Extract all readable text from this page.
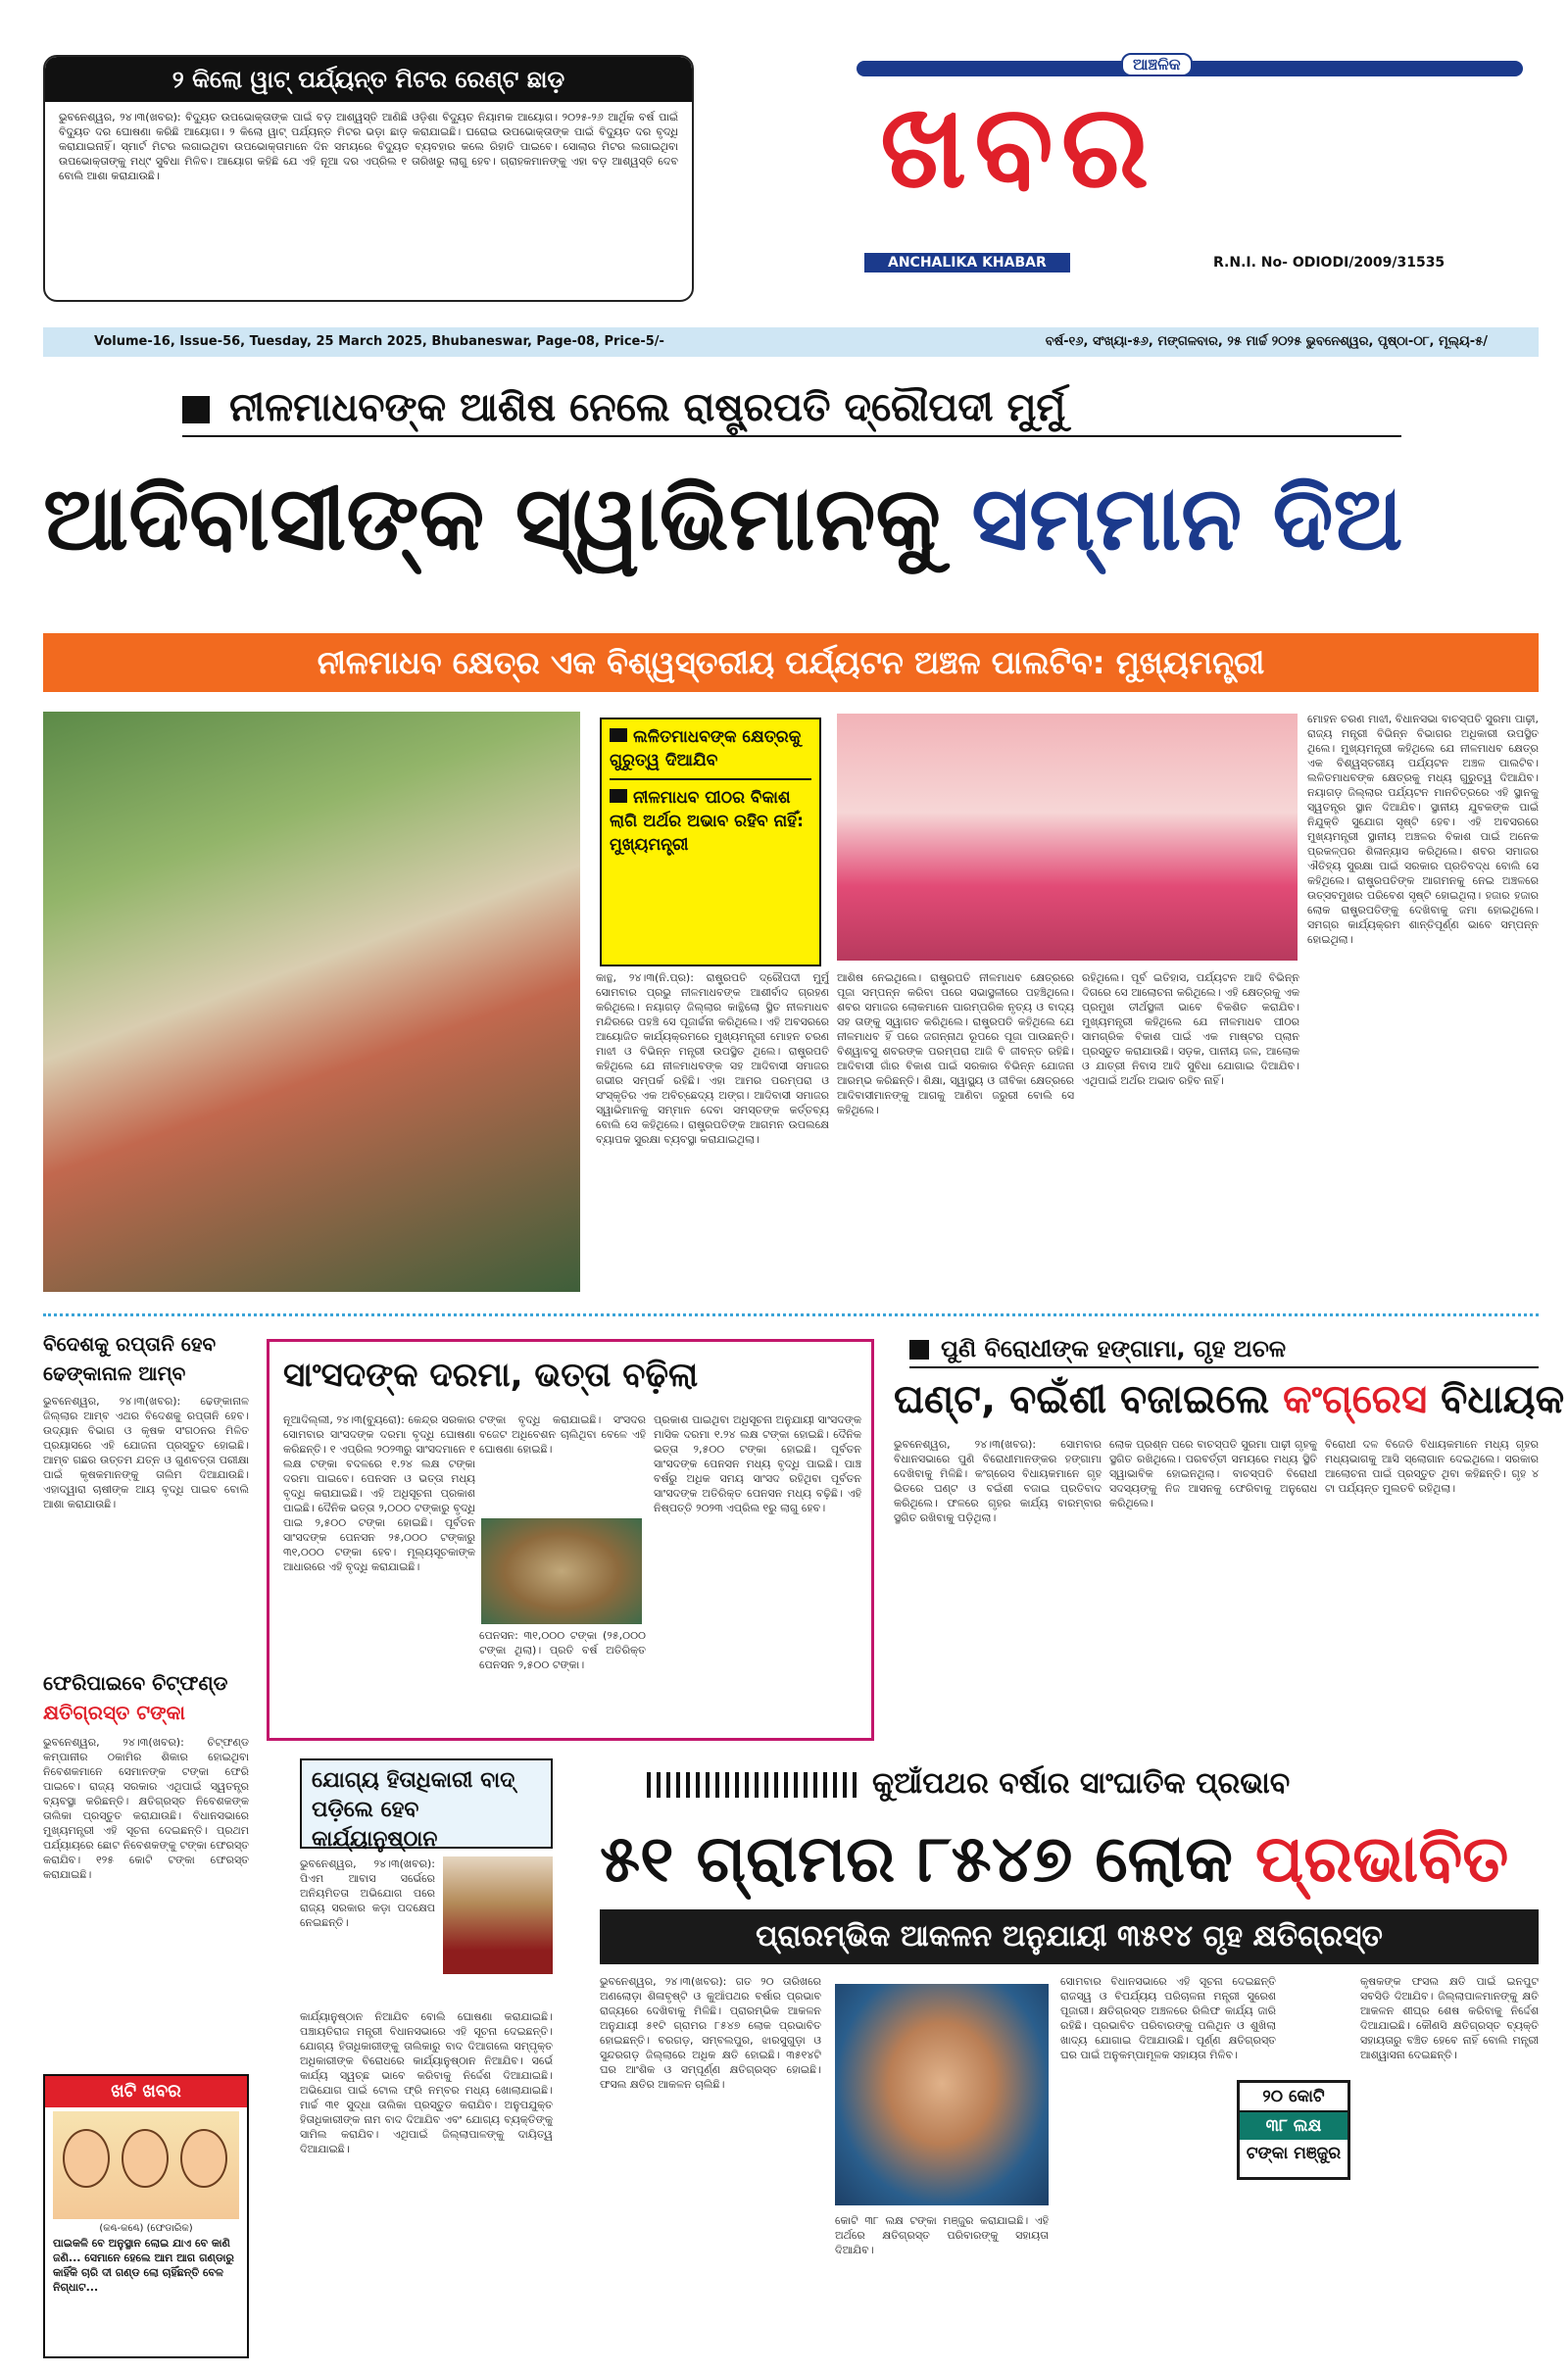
୨ କିଲୋ ୱାଟ୍ ପର୍ଯ୍ୟନ୍ତ ମିଟର ରେଣ୍ଟ ଛାଡ଼
ଭୁବନେଶ୍ୱର, ୨୪।୩(ଖବର): ବିଦ୍ୟୁତ ଉପଭୋକ୍ତାଙ୍କ ପାଇଁ ବଡ଼ ଆଶ୍ୱସ୍ତି ଆଣିଛି ଓଡ଼ିଶା ବିଦ୍ୟୁତ ନିୟାମକ ଆୟୋଗ। ୨୦୨୫-୨୬ ଆର୍ଥିକ ବର୍ଷ ପାଇଁ ବିଦ୍ୟୁତ ଦର ଘୋଷଣା କରିଛି ଆୟୋଗ। ୨ କିଲୋ ୱାଟ୍ ପର୍ଯ୍ୟନ୍ତ ମିଟର ଭଡ଼ା ଛାଡ଼ କରାଯାଇଛି। ଘରୋଇ ଉପଭୋକ୍ତାଙ୍କ ପାଇଁ ବିଦ୍ୟୁତ ଦର ବୃଦ୍ଧି କରାଯାଇନାହିଁ। ସ୍ମାର୍ଟ ମିଟର ଲଗାଇଥିବା ଉପଭୋକ୍ତାମାନେ ଦିନ ସମୟରେ ବିଦ୍ୟୁତ ବ୍ୟବହାର କଲେ ରିହାତି ପାଇବେ। ସୋଲାର ମିଟର ଲଗାଇଥିବା ଉପଭୋକ୍ତାଙ୍କୁ ମଧ୍୯ ସୁବିଧା ମିଳିବ। ଆୟୋଗ କହିଛି ଯେ ଏହି ନୂଆ ଦର ଏପ୍ରିଲ ୧ ତାରିଖରୁ ଲାଗୁ ହେବ। ଗ୍ରାହକମାନଙ୍କୁ ଏହା ବଡ଼ ଆଶ୍ୱସ୍ତି ଦେବ ବୋଲି ଆଶା କରାଯାଉଛି।
ଆଞ୍ଚଳିକ
ଖବର
ANCHALIKA KHABAR	R.N.I. No- ODIODI/2009/31535
Volume-16, Issue-56, Tuesday, 25 March 2025, Bhubaneswar, Page-08, Price-5/-	ବର୍ଷ-୧୬, ସଂଖ୍ୟା-୫୬, ମଙ୍ଗଳବାର, ୨୫ ମାର୍ଚ୍ଚ ୨୦୨୫ ଭୁବନେଶ୍ୱର, ପୃଷ୍ଠା-୦୮, ମୂଲ୍ୟ-୫/
ନୀଳମାଧବଙ୍କ ଆଶିଷ ନେଲେ ରାଷ୍ଟ୍ରପତି ଦ୍ରୌପଦୀ ମୁର୍ମୁ
ଆଦିବାସୀଙ୍କ ସ୍ୱାଭିମାନକୁ ସମ୍ମାନ ଦିଅ
ନୀଳମାଧବ କ୍ଷେତ୍ର ଏକ ବିଶ୍ୱସ୍ତରୀୟ ପର୍ଯ୍ୟଟନ ଅଞ୍ଚଳ ପାଲଟିବ: ମୁଖ୍ୟମନ୍ତ୍ରୀ
ଲଳିତମାଧବଙ୍କ କ୍ଷେତ୍ରକୁ ଗୁରୁତ୍ୱ ଦିଆଯିବ
ନୀଳମାଧବ ପୀଠର ବିକାଶ ଲାଗି ଅର୍ଥର ଅଭାବ ରହିବ ନାହିଁ: ମୁଖ୍ୟମନ୍ତ୍ରୀ
କାନ୍ଥ, ୨୪।୩(ନି.ପ୍ର): ରାଷ୍ଟ୍ରପତି ଦ୍ରୌପଦୀ ମୁର୍ମୁ ସୋମବାର ପ୍ରଭୁ ନୀଳମାଧବଙ୍କ ଆଶୀର୍ବାଦ ଗ୍ରହଣ କରିଥିଲେ। ନୟାଗଡ଼ ଜିଲ୍ଲାର କାନ୍ଥିଲୋ ସ୍ଥିତ ନୀଳମାଧବ ମନ୍ଦିରରେ ପହଞ୍ଚି ସେ ପୂଜାର୍ଚ୍ଚନା କରିଥିଲେ। ଏହି ଅବସରରେ ଆୟୋଜିତ କାର୍ଯ୍ୟକ୍ରମରେ ମୁଖ୍ୟମନ୍ତ୍ରୀ ମୋହନ ଚରଣ ମାଝୀ ଓ ବିଭିନ୍ନ ମନ୍ତ୍ରୀ ଉପସ୍ଥିତ ଥିଲେ। ରାଷ୍ଟ୍ରପତି କହିଥିଲେ ଯେ ନୀଳମାଧବଙ୍କ ସହ ଆଦିବାସୀ ସମାଜର ଗଭୀର ସମ୍ପର୍କ ରହିଛି। ଏହା ଆମର ପରମ୍ପରା ଓ ସଂସ୍କୃତିର ଏକ ଅବିଚ୍ଛେଦ୍ୟ ଅଙ୍ଗ। ଆଦିବାସୀ ସମାଜର ସ୍ୱାଭିମାନକୁ ସମ୍ମାନ ଦେବା ସମସ୍ତଙ୍କ କର୍ତ୍ତବ୍ୟ ବୋଲି ସେ କହିଥିଲେ। ରାଷ୍ଟ୍ରପତିଙ୍କ ଆଗମନ ଉପଲକ୍ଷେ ବ୍ୟାପକ ସୁରକ୍ଷା ବ୍ୟବସ୍ଥା କରାଯାଇଥିଲା।
ଆଶିଷ ନେଇଥିଲେ। ରାଷ୍ଟ୍ରପତି ନୀଳମାଧବ କ୍ଷେତ୍ରରେ ପୂଜା ସମ୍ପନ୍ନ କରିବା ପରେ ସଭାସ୍ଥଳୀରେ ପହଞ୍ଚିଥିଲେ। ଶବର ସମାଜର ଲୋକମାନେ ପାରମ୍ପରିକ ନୃତ୍ୟ ଓ ବାଦ୍ୟ ସହ ତାଙ୍କୁ ସ୍ୱାଗତ କରିଥିଲେ। ରାଷ୍ଟ୍ରପତି କହିଥିଲେ ଯେ ନୀଳମାଧବ ହିଁ ପରେ ଜଗନ୍ନାଥ ରୂପରେ ପୂଜା ପାଉଛନ୍ତି। ବିଶ୍ୱାବସୁ ଶବରଙ୍କ ପରମ୍ପରା ଆଜି ବି ଜୀବନ୍ତ ରହିଛି। ଆଦିବାସୀ ଗାଁର ବିକାଶ ପାଇଁ ସରକାର ବିଭିନ୍ନ ଯୋଜନା ଆରମ୍ଭ କରିଛନ୍ତି। ଶିକ୍ଷା, ସ୍ୱାସ୍ଥ୍ୟ ଓ ଜୀବିକା କ୍ଷେତ୍ରରେ ଆଦିବାସୀମାନଙ୍କୁ ଆଗକୁ ଆଣିବା ଜରୁରୀ ବୋଲି ସେ କହିଥିଲେ।
ରହିଥିଲେ। ପୂର୍ବ ଇତିହାସ, ପର୍ଯ୍ୟଟନ ଆଦି ବିଭିନ୍ନ ଦିଗରେ ସେ ଆଲୋଚନା କରିଥିଲେ। ଏହି କ୍ଷେତ୍ରକୁ ଏକ ପ୍ରମୁଖ ତୀର୍ଥସ୍ଥଳୀ ଭାବେ ବିକଶିତ କରାଯିବ। ମୁଖ୍ୟମନ୍ତ୍ରୀ କହିଥିଲେ ଯେ ନୀଳମାଧବ ପୀଠର ସାମଗ୍ରିକ ବିକାଶ ପାଇଁ ଏକ ମାଷ୍ଟର ପ୍ଲାନ ପ୍ରସ୍ତୁତ କରାଯାଉଛି। ସଡ଼କ, ପାନୀୟ ଜଳ, ଆଲୋକ ଓ ଯାତ୍ରୀ ନିବାସ ଆଦି ସୁବିଧା ଯୋଗାଇ ଦିଆଯିବ। ଏଥିପାଇଁ ଅର୍ଥର ଅଭାବ ରହିବ ନାହିଁ।
ମୋହନ ଚରଣ ମାଝୀ, ବିଧାନସଭା ବାଚସ୍ପତି ସୁରମା ପାଢ଼ୀ, ରାଜ୍ୟ ମନ୍ତ୍ରୀ ବିଭିନ୍ନ ବିଭାଗର ଅଧିକାରୀ ଉପସ୍ଥିତ ଥିଲେ। ମୁଖ୍ୟମନ୍ତ୍ରୀ କହିଥିଲେ ଯେ ନୀଳମାଧବ କ୍ଷେତ୍ର ଏକ ବିଶ୍ୱସ୍ତରୀୟ ପର୍ଯ୍ୟଟନ ଅଞ୍ଚଳ ପାଲଟିବ। ଲଳିତମାଧବଙ୍କ କ୍ଷେତ୍ରକୁ ମଧ୍ୟ ଗୁରୁତ୍ୱ ଦିଆଯିବ। ନୟାଗଡ଼ ଜିଲ୍ଲାର ପର୍ଯ୍ୟଟନ ମାନଚିତ୍ରରେ ଏହି ସ୍ଥାନକୁ ସ୍ୱତନ୍ତ୍ର ସ୍ଥାନ ଦିଆଯିବ। ସ୍ଥାନୀୟ ଯୁବକଙ୍କ ପାଇଁ ନିଯୁକ୍ତି ସୁଯୋଗ ସୃଷ୍ଟି ହେବ। ଏହି ଅବସରରେ ମୁଖ୍ୟମନ୍ତ୍ରୀ ସ୍ଥାନୀୟ ଅଞ୍ଚଳର ବିକାଶ ପାଇଁ ଅନେକ ପ୍ରକଳ୍ପର ଶିଳାନ୍ୟାସ କରିଥିଲେ। ଶବର ସମାଜର ଐତିହ୍ୟ ସୁରକ୍ଷା ପାଇଁ ସରକାର ପ୍ରତିବଦ୍ଧ ବୋଲି ସେ କହିଥିଲେ। ରାଷ୍ଟ୍ରପତିଙ୍କ ଆଗମନକୁ ନେଇ ଅଞ୍ଚଳରେ ଉତ୍ସବମୁଖର ପରିବେଶ ସୃଷ୍ଟି ହୋଇଥିଲା। ହଜାର ହଜାର ଲୋକ ରାଷ୍ଟ୍ରପତିଙ୍କୁ ଦେଖିବାକୁ ଜମା ହୋଇଥିଲେ। ସମଗ୍ର କାର୍ଯ୍ୟକ୍ରମ ଶାନ୍ତିପୂର୍ଣ୍ଣ ଭାବେ ସମ୍ପନ୍ନ ହୋଇଥିଲା।
ବିଦେଶକୁ ରପ୍ତାନି ହେବ ଢେଙ୍କାନାଳ ଆମ୍ବ
ଭୁବନେଶ୍ୱର, ୨୪।୩(ଖବର): ଢେଙ୍କାନାଳ ଜିଲ୍ଲାର ଆମ୍ବ ଏଥର ବିଦେଶକୁ ରପ୍ତାନି ହେବ। ଉଦ୍ୟାନ ବିଭାଗ ଓ କୃଷକ ସଂଗଠନର ମିଳିତ ପ୍ରୟାସରେ ଏହି ଯୋଜନା ପ୍ରସ୍ତୁତ ହୋଇଛି। ଆମ୍ବ ଗଛର ଉତ୍ତମ ଯତ୍ନ ଓ ଗୁଣବତ୍ତା ପରୀକ୍ଷା ପାଇଁ କୃଷକମାନଙ୍କୁ ତାଲିମ ଦିଆଯାଉଛି। ଏହାଦ୍ୱାରା ଚାଷୀଙ୍କ ଆୟ ବୃଦ୍ଧି ପାଇବ ବୋଲି ଆଶା କରାଯାଉଛି।
ଫେରିପାଇବେ ଚିଟ୍‌ଫଣ୍ଡ
କ୍ଷତିଗ୍ରସ୍ତ ଟଙ୍କା
ଭୁବନେଶ୍ୱର, ୨୪।୩(ଖବର): ଚିଟ୍‌ଫଣ୍ଡ କମ୍ପାନୀର ଠକାମିର ଶିକାର ହୋଇଥିବା ନିବେଶକମାନେ ସେମାନଙ୍କ ଟଙ୍କା ଫେରି ପାଇବେ। ରାଜ୍ୟ ସରକାର ଏଥିପାଇଁ ସ୍ୱତନ୍ତ୍ର ବ୍ୟବସ୍ଥା କରିଛନ୍ତି। କ୍ଷତିଗ୍ରସ୍ତ ନିବେଶକଙ୍କ ତାଲିକା ପ୍ରସ୍ତୁତ କରାଯାଉଛି। ବିଧାନସଭାରେ ମୁଖ୍ୟମନ୍ତ୍ରୀ ଏହି ସୂଚନା ଦେଇଛନ୍ତି। ପ୍ରଥମ ପର୍ଯ୍ୟାୟରେ ଛୋଟ ନିବେଶକଙ୍କୁ ଟଙ୍କା ଫେରସ୍ତ କରାଯିବ। ୧୨୫ କୋଟି ଟଙ୍କା ଫେରସ୍ତ କରାଯାଇଛି।
ଖଟି ଖବର
(କଣ୍ଢ-କଣ୍ଢେ) (ଫେଡାରିକ)
ପାଇକଳି ବେ ଅନୁସ୍ଥାନ ଲୋଇ ଯାଏ ବେ କାଣି ଜଣି... ସେମାନେ ହେଲେ ଆମ ଆଗ ଗଣ୍ଡାରୁ କାହିଁକି ଚାରି ଦୀ ଗଣ୍ଡ ଲୋ ଚାହିଁଛନ୍ତି ବେଳ ନିଗ୍ଧାଟ...
ସାଂସଦଙ୍କ ଦରମା, ଭତ୍ତା ବଢ଼ିଲା
ନୂଆଦିଲ୍ଲୀ, ୨୪।୩(ବ୍ୟୁରୋ): କେନ୍ଦ୍ର ସରକାର ସୋମବାର ସାଂସଦଙ୍କ ଦରମା ବୃଦ୍ଧି ଘୋଷଣା କରିଛନ୍ତି। ୧ ଏପ୍ରିଲ ୨୦୨୩ରୁ ସାଂସଦମାନେ ୧ ଲକ୍ଷ ଟଙ୍କା ବଦଳରେ ୧.୨୪ ଲକ୍ଷ ଟଙ୍କା ଦରମା ପାଇବେ। ପେନସନ ଓ ଭତ୍ତା ମଧ୍ୟ ବୃଦ୍ଧି କରାଯାଇଛି। ଏହି ଅଧିସୂଚନା ପ୍ରକାଶ ପାଇଛି। ଦୈନିକ ଭତ୍ତା ୨,୦୦୦ ଟଙ୍କାରୁ ବୃଦ୍ଧି ପାଇ ୨,୫୦୦ ଟଙ୍କା ହୋଇଛି। ପୂର୍ବତନ ସାଂସଦଙ୍କ ପେନସନ ୨୫,୦୦୦ ଟଙ୍କାରୁ ୩୧,୦୦୦ ଟଙ୍କା ହେବ। ମୂଲ୍ୟସୂଚକାଙ୍କ ଆଧାରରେ ଏହି ବୃଦ୍ଧି କରାଯାଇଛି।
ଟଙ୍କା ବୃଦ୍ଧି କରାଯାଇଛି। ସଂସଦର ବଜେଟ ଅଧିବେଶନ ଚାଲିଥିବା ବେଳେ ଏହି ଘୋଷଣା ହୋଇଛି।
ପେନସନ: ୩୧,୦୦୦ ଟଙ୍କା (୨୫,୦୦୦ ଟଙ୍କା ଥିଲା)। ପ୍ରତି ବର୍ଷ ଅତିରିକ୍ତ ପେନସନ ୨,୫୦୦ ଟଙ୍କା।
ପ୍ରକାଶ ପାଇଥିବା ଅଧିସୂଚନା ଅନୁଯାୟୀ ସାଂସଦଙ୍କ ମାସିକ ଦରମା ୧.୨୪ ଲକ୍ଷ ଟଙ୍କା ହୋଇଛି। ଦୈନିକ ଭତ୍ତା ୨,୫୦୦ ଟଙ୍କା ହୋଇଛି। ପୂର୍ବତନ ସାଂସଦଙ୍କ ପେନସନ ମଧ୍ୟ ବୃଦ୍ଧି ପାଇଛି। ପାଞ୍ଚ ବର୍ଷରୁ ଅଧିକ ସମୟ ସାଂସଦ ରହିଥିବା ପୂର୍ବତନ ସାଂସଦଙ୍କ ଅତିରିକ୍ତ ପେନସନ ମଧ୍ୟ ବଢ଼ିଛି। ଏହି ନିଷ୍ପତ୍ତି ୨୦୨୩ ଏପ୍ରିଲ ୧ରୁ ଲାଗୁ ହେବ।
ପୁଣି ବିରୋଧୀଙ୍କ ହଙ୍ଗାମା, ଗୃହ ଅଚଳ
ଘଣ୍ଟ, ବଇଁଶୀ ବଜାଇଲେ କଂଗ୍ରେସ ବିଧାୟକ
ଭୁବନେଶ୍ୱର, ୨୪।୩(ଖବର): ସୋମବାର ବିଧାନସଭାରେ ପୁଣି ବିରୋଧୀମାନଙ୍କର ହଙ୍ଗାମା ଦେଖିବାକୁ ମିଳିଛି। କଂଗ୍ରେସ ବିଧାୟକମାନେ ଗୃହ ଭିତରେ ଘଣ୍ଟ ଓ ବଇଁଶୀ ବଜାଇ ପ୍ରତିବାଦ କରିଥିଲେ। ଫଳରେ ଗୃହର କାର୍ଯ୍ୟ ବାରମ୍ବାର ସ୍ଥଗିତ ରଖିବାକୁ ପଡ଼ିଥିଲା।
ଲୋକ ପ୍ରଶ୍ନ ପରେ ବାଚସ୍ପତି ସୁରମା ପାଢ଼ୀ ଗୃହକୁ ସ୍ଥଗିତ ରଖିଥିଲେ। ପରବର୍ତ୍ତୀ ସମୟରେ ମଧ୍ୟ ସ୍ଥିତି ସ୍ୱାଭାବିକ ହୋଇନଥିଲା। ବାଚସ୍ପତି ବିରୋଧୀ ସଦସ୍ୟଙ୍କୁ ନିଜ ଆସନକୁ ଫେରିବାକୁ ଅନୁରୋଧ କରିଥିଲେ।
ବିରୋଧୀ ଦଳ ବିଜେଡି ବିଧାୟକମାନେ ମଧ୍ୟ ଗୃହର ମଧ୍ୟଭାଗକୁ ଆସି ସ୍ଲୋଗାନ ଦେଇଥିଲେ। ସରକାର ଆଲୋଚନା ପାଇଁ ପ୍ରସ୍ତୁତ ଥିବା କହିଛନ୍ତି। ଗୃହ ୪ ଟା ପର୍ଯ୍ୟନ୍ତ ମୁଲତବି ରହିଥିଲା।
ଯୋଗ୍ୟ ହିତାଧିକାରୀ ବାଦ୍ ପଡ଼ିଲେ ହେବ କାର୍ଯ୍ୟାନୁଷ୍ଠାନ
ଭୁବନେଶ୍ୱର, ୨୪।୩(ଖବର): ପିଏମ ଆବାସ ସର୍ଭେରେ ଅନିୟମିତତା ଅଭିଯୋଗ ପରେ ରାଜ୍ୟ ସରକାର କଡ଼ା ପଦକ୍ଷେପ ନେଇଛନ୍ତି।
କାର୍ଯ୍ୟାନୁଷ୍ଠାନ ନିଆଯିବ ବୋଲି ଘୋଷଣା କରାଯାଇଛି। ପଞ୍ଚାୟତିରାଜ ମନ୍ତ୍ରୀ ବିଧାନସଭାରେ ଏହି ସୂଚନା ଦେଇଛନ୍ତି। ଯୋଗ୍ୟ ହିତାଧିକାରୀଙ୍କୁ ତାଲିକାରୁ ବାଦ ଦିଆଗଲେ ସମ୍ପୃକ୍ତ ଅଧିକାରୀଙ୍କ ବିରୋଧରେ କାର୍ଯ୍ୟାନୁଷ୍ଠାନ ନିଆଯିବ। ସର୍ଭେ କାର୍ଯ୍ୟ ସ୍ୱଚ୍ଛ ଭାବେ କରିବାକୁ ନିର୍ଦ୍ଦେଶ ଦିଆଯାଇଛି। ଅଭିଯୋଗ ପାଇଁ ଟୋଲ ଫ୍ରି ନମ୍ବର ମଧ୍ୟ ଖୋଲାଯାଇଛି। ମାର୍ଚ୍ଚ ୩୧ ସୁଦ୍ଧା ତାଲିକା ପ୍ରସ୍ତୁତ କରାଯିବ। ଅନୁପଯୁକ୍ତ ହିତାଧିକାରୀଙ୍କ ନାମ ବାଦ ଦିଆଯିବ ଏବଂ ଯୋଗ୍ୟ ବ୍ୟକ୍ତିଙ୍କୁ ସାମିଲ କରାଯିବ। ଏଥିପାଇଁ ଜିଲ୍ଲାପାଳଙ୍କୁ ଦାୟିତ୍ୱ ଦିଆଯାଇଛି।
କୁଆଁପଥର ବର୍ଷାର ସାଂଘାତିକ ପ୍ରଭାବ
୫୧ ଗ୍ରାମର ୮୫୪୭ ଲୋକ ପ୍ରଭାବିତ
ପ୍ରାରମ୍ଭିକ ଆକଳନ ଅନୁଯାୟୀ ୩୫୧୪ ଗୃହ କ୍ଷତିଗ୍ରସ୍ତ
ଭୁବନେଶ୍ୱର, ୨୪।୩(ଖବର): ଗତ ୨୦ ତାରିଖରେ ଅଣଲୋଡ଼ା ଶିଳାବୃଷ୍ଟି ଓ କୁଆଁପଥର ବର୍ଷାର ପ୍ରଭାବ ରାଜ୍ୟରେ ଦେଖିବାକୁ ମିଳିଛି। ପ୍ରାରମ୍ଭିକ ଆକଳନ ଅନୁଯାୟୀ ୫୧ଟି ଗ୍ରାମର ୮୫୪୭ ଲୋକ ପ୍ରଭାବିତ ହୋଇଛନ୍ତି। ବରଗଡ଼, ସମ୍ବଲପୁର, ଝାରସୁଗୁଡ଼ା ଓ ସୁନ୍ଦରଗଡ଼ ଜିଲ୍ଲାରେ ଅଧିକ କ୍ଷତି ହୋଇଛି। ୩୫୧୪ଟି ଘର ଆଂଶିକ ଓ ସମ୍ପୂର୍ଣ୍ଣ କ୍ଷତିଗ୍ରସ୍ତ ହୋଇଛି। ଫସଲ କ୍ଷତିର ଆକଳନ ଚାଲିଛି।
କୋଟି ୩୮ ଲକ୍ଷ ଟଙ୍କା ମଞ୍ଜୁର କରାଯାଇଛି। ଏହି ଅର୍ଥରେ କ୍ଷତିଗ୍ରସ୍ତ ପରିବାରଙ୍କୁ ସହାୟତା ଦିଆଯିବ।
ସୋମବାର ବିଧାନସଭାରେ ଏହି ସୂଚନା ଦେଇଛନ୍ତି ରାଜସ୍ୱ ଓ ବିପର୍ଯ୍ୟୟ ପରିଚାଳନା ମନ୍ତ୍ରୀ ସୁରେଶ ପୂଜାରୀ। କ୍ଷତିଗ୍ରସ୍ତ ଅଞ୍ଚଳରେ ରିଲିଫ କାର୍ଯ୍ୟ ଜାରି ରହିଛି। ପ୍ରଭାବିତ ପରିବାରଙ୍କୁ ପଲିଥିନ ଓ ଶୁଖିଲା ଖାଦ୍ୟ ଯୋଗାଇ ଦିଆଯାଉଛି। ପୂର୍ଣ୍ଣ କ୍ଷତିଗ୍ରସ୍ତ ଘର ପାଇଁ ଅନୁକମ୍ପାମୂଳକ ସହାୟତା ମିଳିବ।
୨୦ କୋଟି
୩୮ ଲକ୍ଷ
ଟଙ୍କା ମଞ୍ଜୁର
କୃଷକଙ୍କ ଫସଲ କ୍ଷତି ପାଇଁ ଇନପୁଟ ସବସିଡି ଦିଆଯିବ। ଜିଲ୍ଲାପାଳମାନଙ୍କୁ କ୍ଷତି ଆକଳନ ଶୀଘ୍ର ଶେଷ କରିବାକୁ ନିର୍ଦ୍ଦେଶ ଦିଆଯାଇଛି। କୌଣସି କ୍ଷତିଗ୍ରସ୍ତ ବ୍ୟକ୍ତି ସହାୟତାରୁ ବଞ୍ଚିତ ହେବେ ନାହିଁ ବୋଲି ମନ୍ତ୍ରୀ ଆଶ୍ୱାସନା ଦେଇଛନ୍ତି।
